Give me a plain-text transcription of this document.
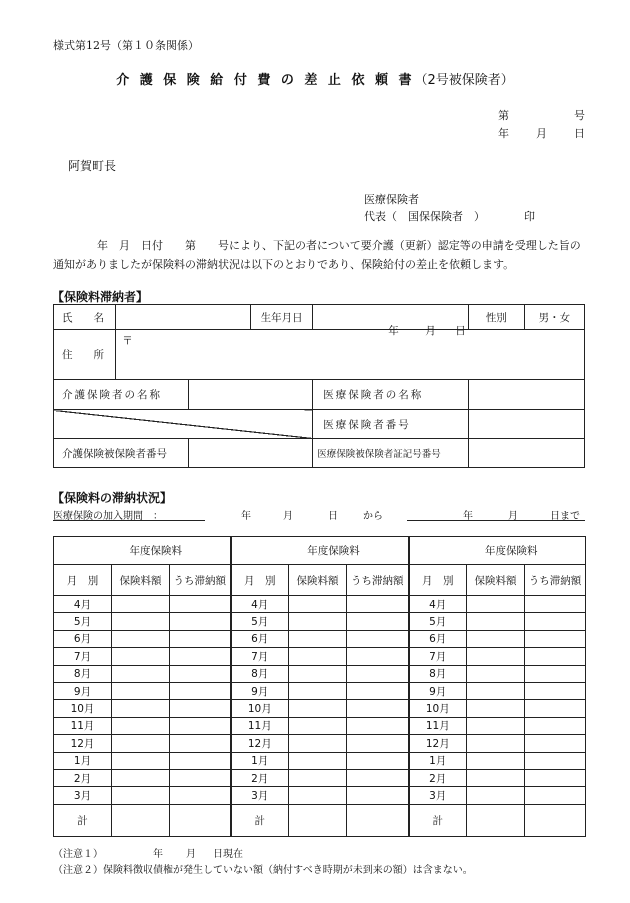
様式第12号（第１０条関係）
介 護 保 険 給 付 費 の 差 止 依 頼 書（2号被保険者）
第	号
年 月 日
阿賀町長
医療保険者
代表（　国保保険者　）	印
年　月　日付　　第　　号により、下記の者について要介護（更新）認定等の申請を受理した旨の通知がありましたが保険料の滞納状況は以下のとおりであり、保険給付の差止を依頼します。
【保険料滞納者】
氏　　名			生年月日	年 月 日	性別	男・女
住　　所	〒					
介護保険者の名称				医療保険者の名称		
				医療保険者番号		
介護保険被保険者番号				医療保険被保険者証記号番号		
【保険料の滞納状況】
医療保険の加入期間　：	年	月	日	から	年	月	日まで
年度保険料			年度保険料			年度保険料		
月　別	保険料額	うち滞納額	月　別	保険料額	うち滞納額	月　別	保険料額	うち滞納額
4月			4月			4月		
5月			5月			5月		
6月			6月			6月		
7月			7月			7月		
8月			8月			8月		
9月			9月			9月		
10月			10月			10月		
11月			11月			11月		
12月			12月			12月		
1月			1月			1月		
2月			2月			2月		
3月			3月			3月		
計			計			計		
（注意１）	年 月 日現在
（注意２）保険料徴収債権が発生していない額（納付すべき時期が未到来の額）は含まない。
